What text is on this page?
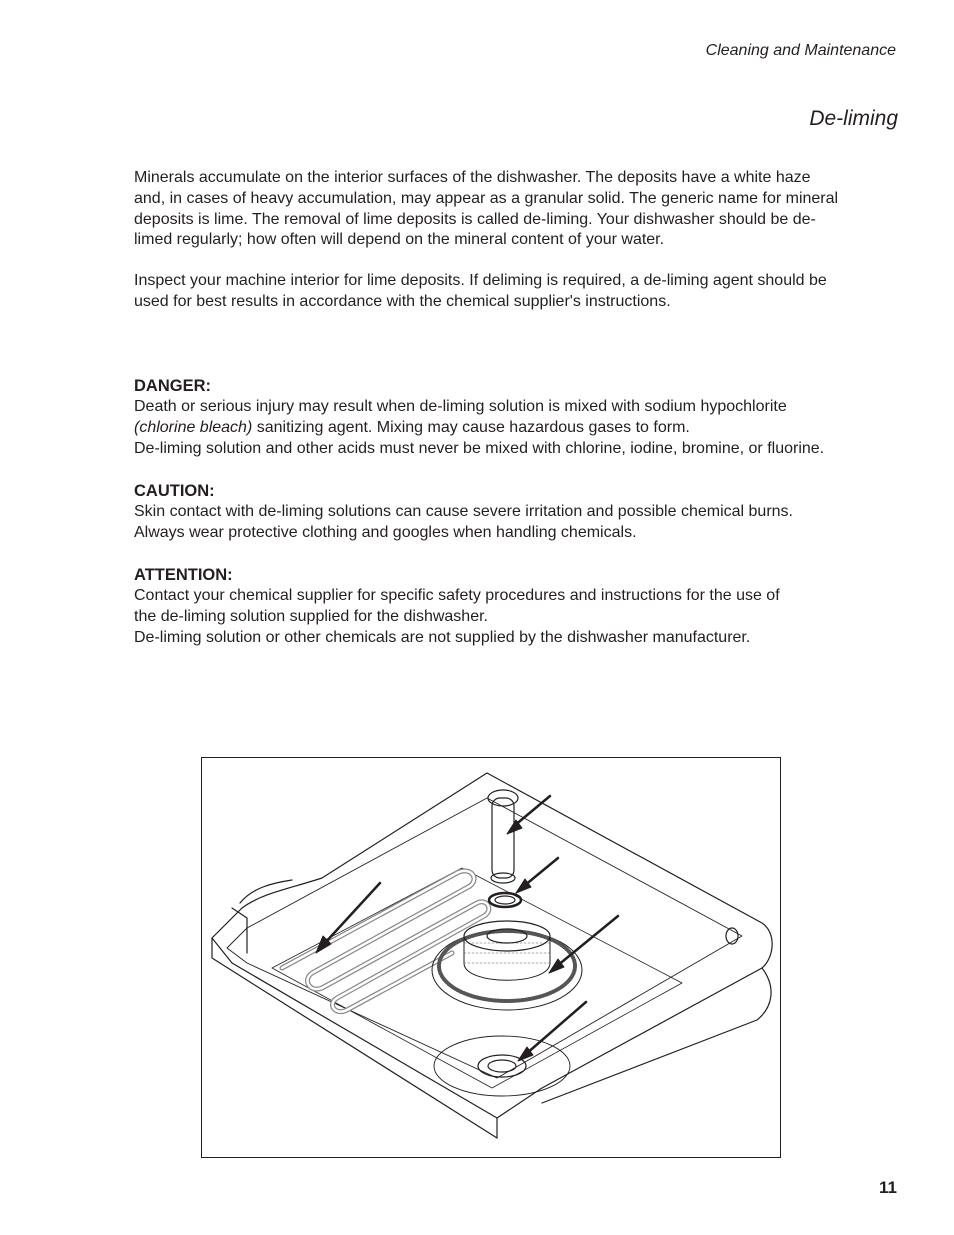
Cleaning and Maintenance
De-liming

Minerals accumulate on the interior surfaces of the dishwasher. The deposits have a white haze

and, in cases of heavy accumulation, may appear as a granular solid. The generic name for mineral

deposits is lime. The removal of lime deposits is called de-liming. Your dishwasher should be de-

limed regularly; how often will depend on the mineral content of your water.

Inspect your machine interior for lime deposits. If deliming is required, a de-liming agent should be

used for best results in accordance with the chemical supplier's instructions.

DANGER:

Death or serious injury may result when de-liming solution is mixed with sodium hypochlorite

(chlorine bleach) sanitizing agent. Mixing may cause hazardous gases to form.

De-liming solution and other acids must never be mixed with chlorine, iodine, bromine, or fluorine.

CAUTION:

Skin contact with de-liming solutions can cause severe irritation and possible chemical burns.

Always wear protective clothing and googles when handling chemicals.

ATTENTION:

Contact your chemical supplier for specific safety procedures and instructions for the use of

the de-liming solution supplied for the dishwasher.

De-liming solution or other chemicals are not supplied by the dishwasher manufacturer.

11
